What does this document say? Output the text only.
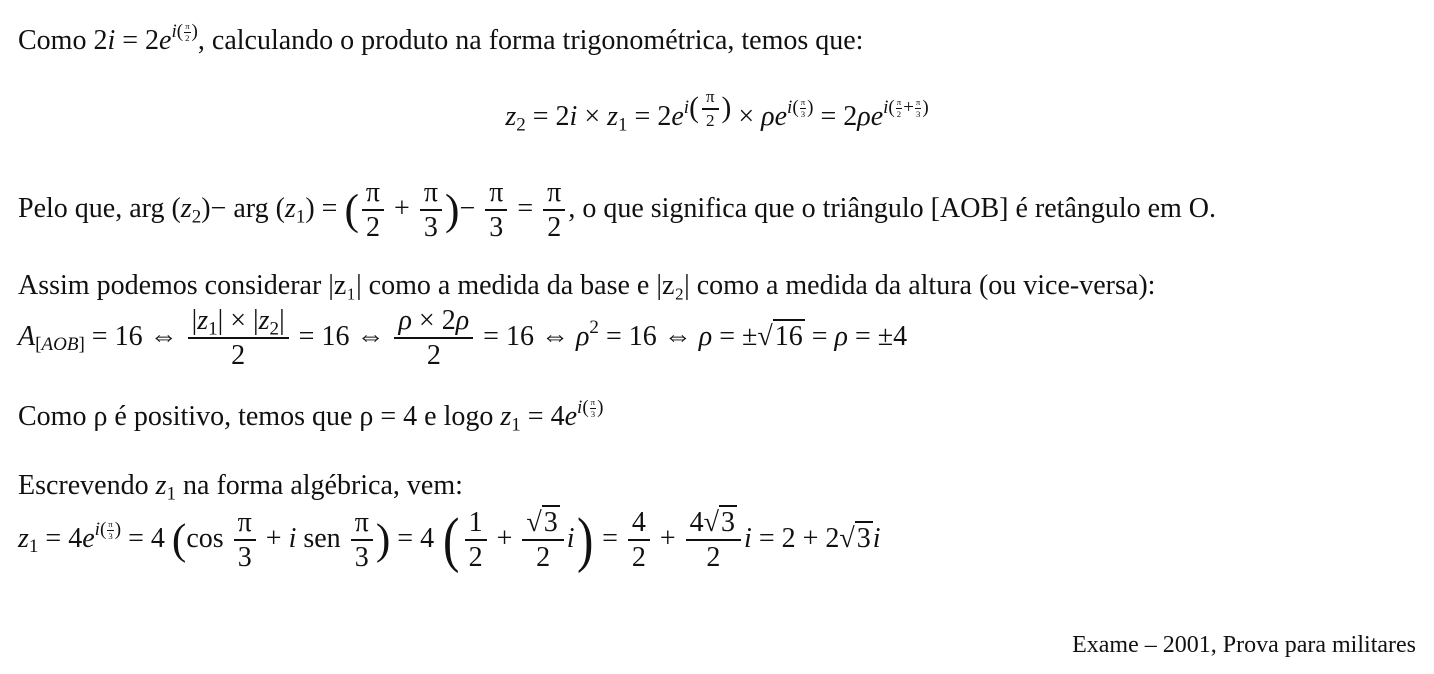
Como $2i = 2e^{i( \frac{\pi}{2} )}$, calculando o produto na forma trigonométrica, temos que:
$z_2 = 2i \times z_1 = 2e^{i( \frac{\pi}{2} )} \times \rho e^{i( \frac{\pi}{3} )} = 2\rho e^{i( \frac{\pi}{2} + \frac{\pi}{3} )}$
Pelo que, arg $(z_2)-$ arg $(z_1)$ = ( $\frac{\pi}{2} + \frac{\pi}{3}$ )− $\frac{\pi}{3} = \frac{\pi}{2}$ , o que significa que o triângulo [AOB] é retângulo em O.
Assim podemos considerar |z₁| como a medida da base e |z₂| como a medida da altura (ou vice-versa):
$A_{[AOB]} = 16$ ⇔ $\frac{|z_1| \times |z_2|}{2} = 16$ ⇔ $\frac{\rho \times 2\rho}{2} = 16$ ⇔ $\rho^2 = 16$ ⇔ ρ = ±√16 = ρ = ±4
Como ρ é positivo, temos que ρ = 4 e logo $z_1 = 4e^{i( \frac{\pi}{3} )}$
Escrevendo $z_1$ na forma algébrica, vem:
$z_1 = 4e^{i( \frac{\pi}{3} )} = 4$ ($\cos \frac{\pi}{3} + i$ sen $\frac{\pi}{3}$ ) = 4 ( $\frac{1}{2} + \frac{√3}{2} i) = \frac{4}{2} + \frac{4√3}{2}$ i = 2 + 2√3i
Exame – 2001, Prova para militares
